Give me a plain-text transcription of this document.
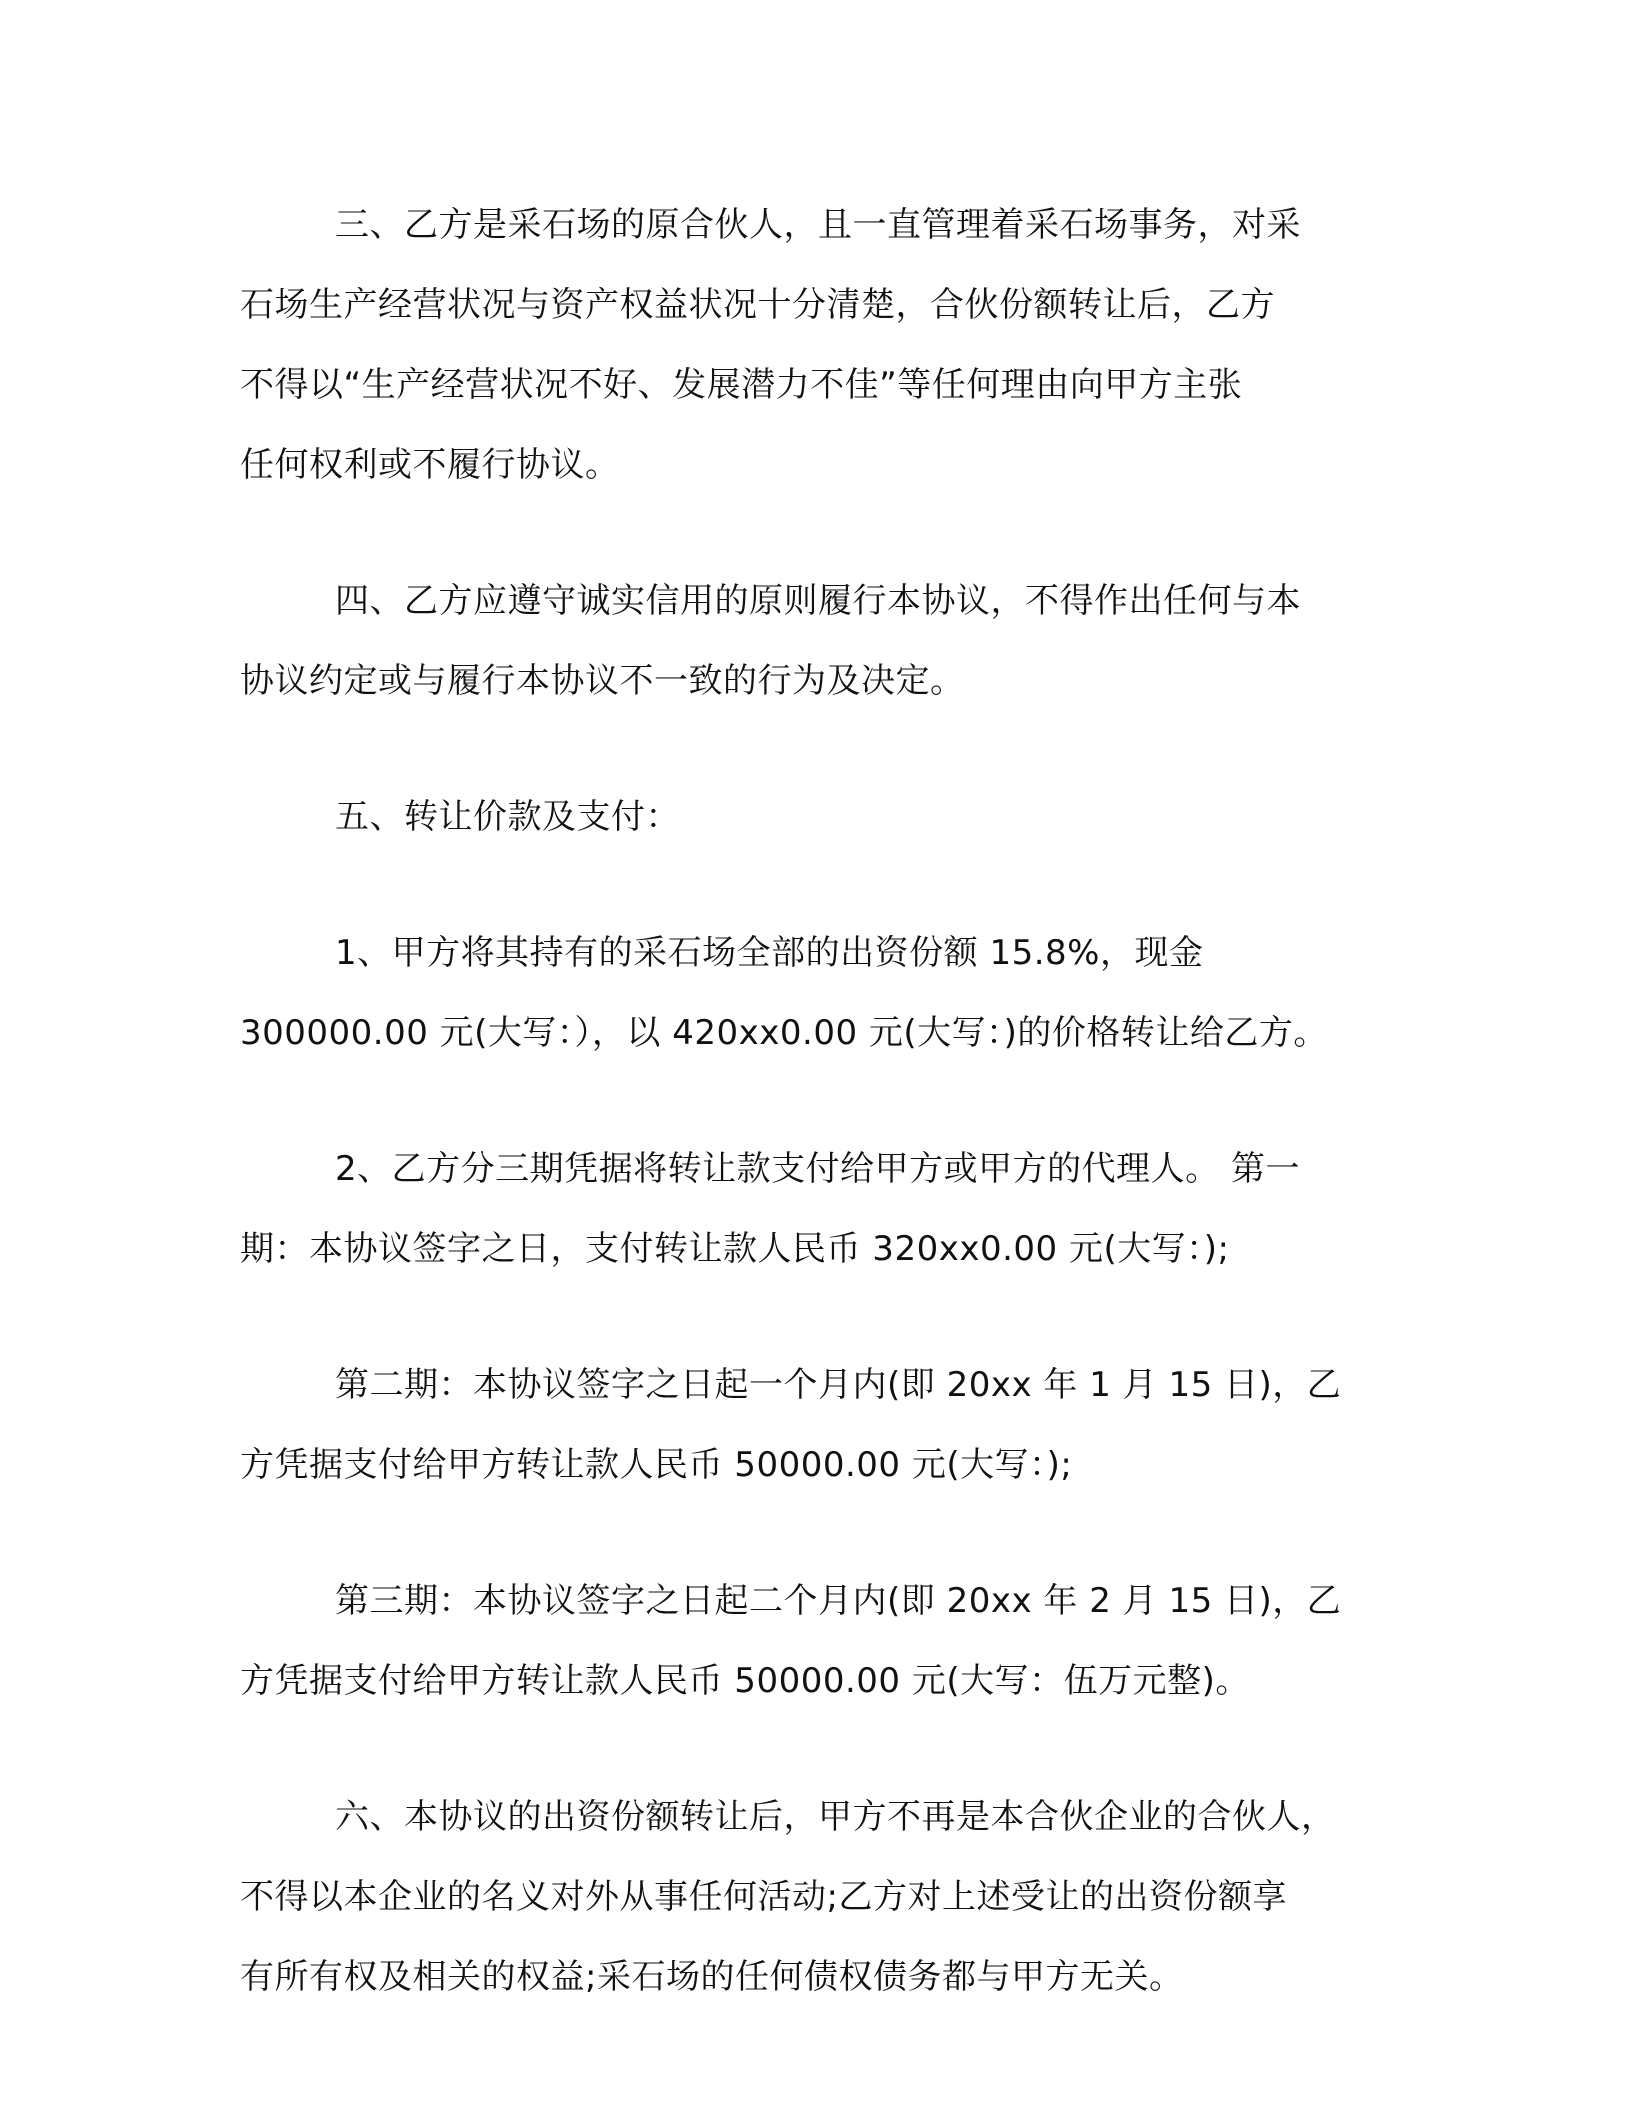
三、乙方是采石场的原合伙人，且一直管理着采石场事务，对采
石场生产经营状况与资产权益状况十分清楚，合伙份额转让后，乙方
不得以“生产经营状况不好、发展潜力不佳”等任何理由向甲方主张
任何权利或不履行协议。
四、乙方应遵守诚实信用的原则履行本协议，不得作出任何与本
协议约定或与履行本协议不一致的行为及决定。
五、转让价款及支付：
1、甲方将其持有的采石场全部的出资份额 15.8%，现金
300000.00 元(大写：），以 420xx0.00 元(大写：)的价格转让给乙方。
2、乙方分三期凭据将转让款支付给甲方或甲方的代理人。 第一
期：本协议签字之日，支付转让款人民币 320xx0.00 元(大写：);
第二期：本协议签字之日起一个月内(即 20xx 年 1 月 15 日)，乙
方凭据支付给甲方转让款人民币 50000.00 元(大写：);
第三期：本协议签字之日起二个月内(即 20xx 年 2 月 15 日)，乙
方凭据支付给甲方转让款人民币 50000.00 元(大写：伍万元整)。
六、本协议的出资份额转让后，甲方不再是本合伙企业的合伙人，
不得以本企业的名义对外从事任何活动;乙方对上述受让的出资份额享
有所有权及相关的权益;采石场的任何债权债务都与甲方无关。
